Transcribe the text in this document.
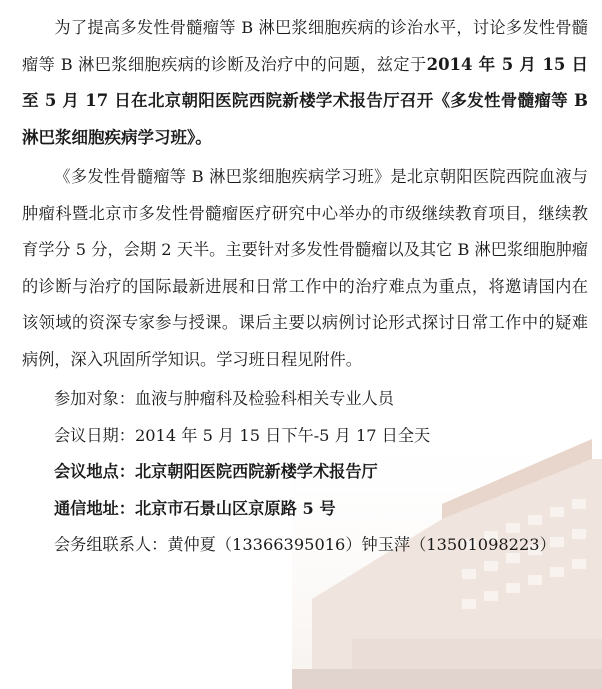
为了提高多发性骨髓瘤等 B 淋巴浆细胞疾病的诊治水平，讨论多发性骨髓瘤等 B 淋巴浆细胞疾病的诊断及治疗中的问题，兹定于2014 年 5 月 15 日至 5 月 17 日在北京朝阳医院西院新楼学术报告厅召开《多发性骨髓瘤等 B 淋巴浆细胞疾病学习班》。

《多发性骨髓瘤等 B 淋巴浆细胞疾病学习班》是北京朝阳医院西院血液与肿瘤科暨北京市多发性骨髓瘤医疗研究中心举办的市级继续教育项目，继续教育学分 5 分，会期 2 天半。主要针对多发性骨髓瘤以及其它 B 淋巴浆细胞肿瘤的诊断与治疗的国际最新进展和日常工作中的治疗难点为重点，将邀请国内在该领域的资深专家参与授课。课后主要以病例讨论形式探讨日常工作中的疑难病例，深入巩固所学知识。学习班日程见附件。

参加对象：血液与肿瘤科及检验科相关专业人员

会议日期：2014 年 5 月 15 日下午-5 月 17 日全天

会议地点：北京朝阳医院西院新楼学术报告厅

通信地址：北京市石景山区京原路 5 号

会务组联系人：黄仲夏（13366395016）钟玉萍（13501098223）
